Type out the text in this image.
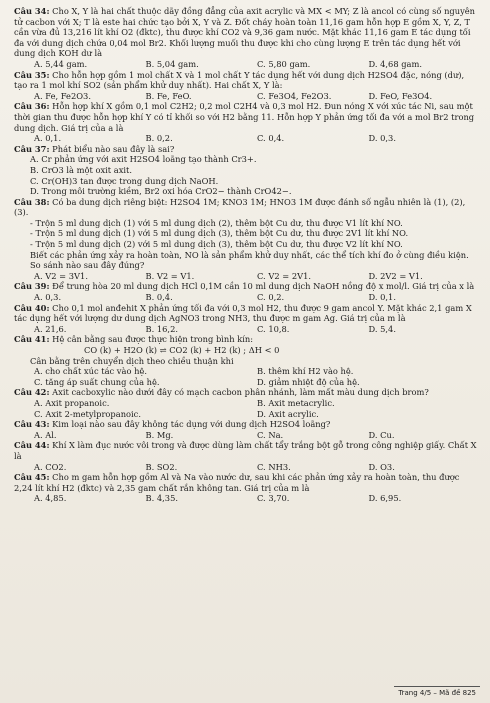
Câu 34: Cho X, Y là hai chất thuộc dãy đồng đẳng của axit acrylic và MX < MY; Z là ancol có cùng số nguyên tử cacbon với X; T là este hai chức tạo bởi X, Y và Z. Đốt cháy hoàn toàn 11,16 gam hỗn hợp E gồm X, Y, Z, T cần vừa đủ 13,216 lít khí O2 (đktc), thu được khí CO2 và 9,36 gam nước. Mặt khác 11,16 gam E tác dụng tối đa với dung dịch chứa 0,04 mol Br2. Khối lượng muối thu được khi cho cùng lượng E trên tác dụng hết với dung dịch KOH dư là

A. 5,44 gam.	B. 5,04 gam.	C. 5,80 gam.	D. 4,68 gam.

Câu 35: Cho hỗn hợp gồm 1 mol chất X và 1 mol chất Y tác dụng hết với dung dịch H2SO4 đặc, nóng (dư), tạo ra 1 mol khí SO2 (sản phẩm khử duy nhất). Hai chất X, Y là:

A. Fe, Fe2O3.	B. Fe, FeO.	C. Fe3O4, Fe2O3.	D. FeO, Fe3O4.

Câu 36: Hỗn hợp khí X gồm 0,1 mol C2H2; 0,2 mol C2H4 và 0,3 mol H2. Đun nóng X với xúc tác Ni, sau một thời gian thu được hỗn hợp khí Y có tỉ khối so với H2 bằng 11. Hỗn hợp Y phản ứng tối đa với a mol Br2 trong dung dịch. Giá trị của a là

A. 0,1.	B. 0,2.	C. 0,4.	D. 0,3.

Câu 37: Phát biểu nào sau đây là sai?

A. Cr phản ứng với axit H2SO4 loãng tạo thành Cr3+.

B. CrO3 là một oxit axit.

C. Cr(OH)3 tan được trong dung dịch NaOH.

D. Trong môi trường kiềm, Br2 oxi hóa CrO2− thành CrO42−.

Câu 38: Có ba dung dịch riêng biệt: H2SO4 1M; KNO3 1M; HNO3 1M được đánh số ngẫu nhiên là (1), (2), (3).

- Trộn 5 ml dung dịch (1) với 5 ml dung dịch (2), thêm bột Cu dư, thu được V1 lít khí NO.

- Trộn 5 ml dung dịch (1) với 5 ml dung dịch (3), thêm bột Cu dư, thu được 2V1 lít khí NO.

- Trộn 5 ml dung dịch (2) với 5 ml dung dịch (3), thêm bột Cu dư, thu được V2 lít khí NO.

Biết các phản ứng xảy ra hoàn toàn, NO là sản phẩm khử duy nhất, các thể tích khí đo ở cùng điều kiện. So sánh nào sau đây đúng?

A. V2 = 3V1.	B. V2 = V1.	C. V2 = 2V1.	D. 2V2 = V1.

Câu 39: Để trung hòa 20 ml dung dịch HCl 0,1M cần 10 ml dung dịch NaOH nồng độ x mol/l. Giá trị của x là

A. 0,3.	B. 0,4.	C. 0,2.	D. 0,1.

Câu 40: Cho 0,1 mol anđehit X phản ứng tối đa với 0,3 mol H2, thu được 9 gam ancol Y. Mặt khác 2,1 gam X tác dụng hết với lượng dư dung dịch AgNO3 trong NH3, thu được m gam Ag. Giá trị của m là

A. 21,6.	B. 16,2.	C. 10,8.	D. 5,4.

Câu 41: Hệ cân bằng sau được thực hiện trong bình kín:

CO (k) + H2O (k) ⇌ CO2 (k) + H2 (k) ; ΔH < 0

Cân bằng trên chuyển dịch theo chiều thuận khi

A. cho chất xúc tác vào hệ.	B. thêm khí H2 vào hệ.
C. tăng áp suất chung của hệ.	D. giảm nhiệt độ của hệ.

Câu 42: Axit cacboxylic nào dưới đây có mạch cacbon phân nhánh, làm mất màu dung dịch brom?

A. Axit propanoic.	B. Axit metacrylic.
C. Axit 2-metylpropanoic.	D. Axit acrylic.

Câu 43: Kim loại nào sau đây không tác dụng với dung dịch H2SO4 loãng?

A. Al.	B. Mg.	C. Na.	D. Cu.

Câu 44: Khí X làm đục nước vôi trong và được dùng làm chất tẩy trắng bột gỗ trong công nghiệp giấy. Chất X là

A. CO2.	B. SO2.	C. NH3.	D. O3.

Câu 45: Cho m gam hỗn hợp gồm Al và Na vào nước dư, sau khi các phản ứng xảy ra hoàn toàn, thu được 2,24 lít khí H2 (đktc) và 2,35 gam chất rắn không tan. Giá trị của m là

A. 4,85.	B. 4,35.	C. 3,70.	D. 6,95.
Trang 4/5 – Mã đề 825
